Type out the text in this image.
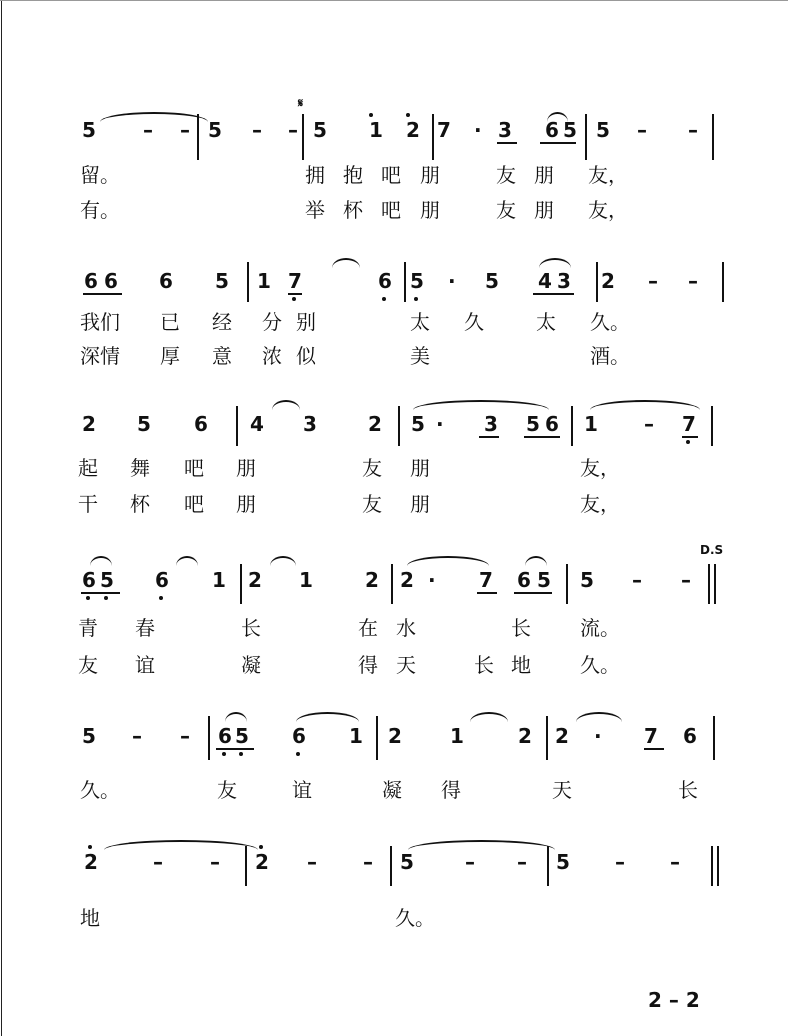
5 – – 5 – – 5 1 2 7 · 3 6 5 5 – –
留。	拥 抱 吧 朋	友 朋 友，
有。	举 杯 吧 朋	友 朋 友，
6 6 6 5 1 7	6 5 · 5 4 3 2 – –
我们 已 经 分 别	太 久	太 久。
深情 厚 意 浓 似	美	酒。
2 5 6 4 3	2 5 · 3 5 6 1 – 7
起 舞 吧 朋	友 朋	友，
干 杯 吧 朋	友 朋	友，
6 5 6 1 2 1	2 2 · 7 6 5 5 – –
青 春	长	在 水	长 流。
友 谊	凝	得 天	长 地 久。
5 – – 6 5 6 1 2 1	2 2 · 7 6
久。	友	谊	凝 得	天	长
2	– – 2 – – 5	– – 5 – –
地	久。
𝄋
D.S
2 – 2
